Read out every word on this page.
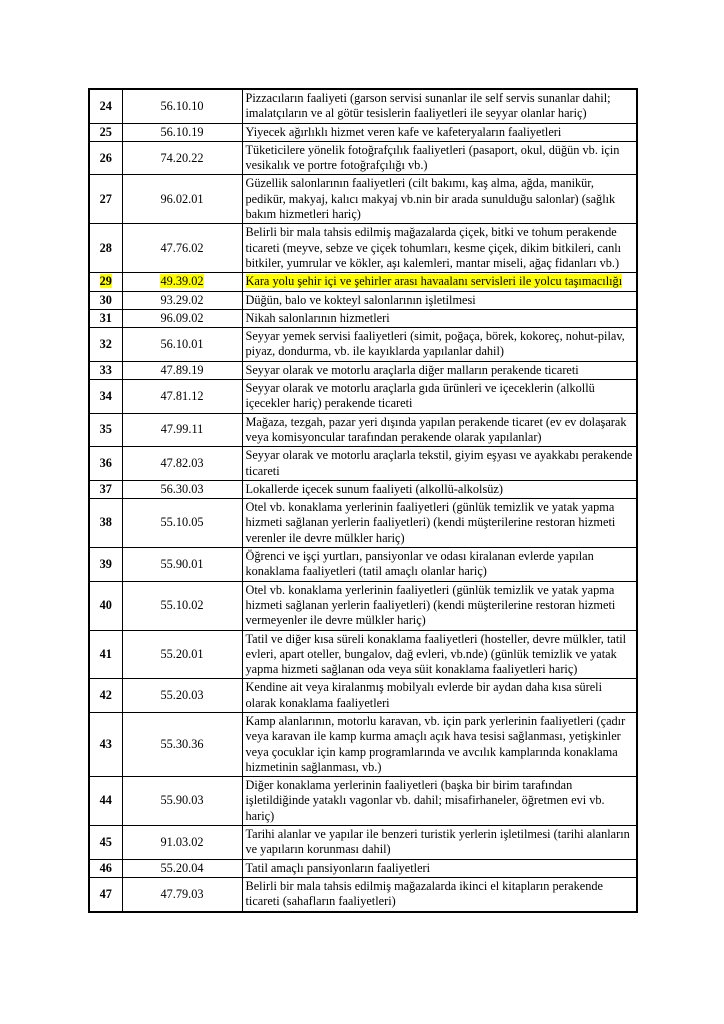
24	56.10.10	Pizzacıların faaliyeti (garson servisi sunanlar ile self servis sunanlar dahil; imalatçıların ve al götür tesislerin faaliyetleri ile seyyar olanlar hariç)
25	56.10.19	Yiyecek ağırlıklı hizmet veren kafe ve kafeteryaların faaliyetleri
26	74.20.22	Tüketicilere yönelik fotoğrafçılık faaliyetleri (pasaport, okul, düğün vb. için vesikalık ve portre fotoğrafçılığı vb.)
27	96.02.01	Güzellik salonlarının faaliyetleri (cilt bakımı, kaş alma, ağda, manikür, pedikür, makyaj, kalıcı makyaj vb.nin bir arada sunulduğu salonlar) (sağlık bakım hizmetleri hariç)
28	47.76.02	Belirli bir mala tahsis edilmiş mağazalarda çiçek, bitki ve tohum perakende ticareti (meyve, sebze ve çiçek tohumları, kesme çiçek, dikim bitkileri, canlı bitkiler, yumrular ve kökler, aşı kalemleri, mantar miseli, ağaç fidanları vb.)
29	49.39.02	Kara yolu şehir içi ve şehirler arası havaalanı servisleri ile yolcu taşımacılığı
30	93.29.02	Düğün, balo ve kokteyl salonlarının işletilmesi
31	96.09.02	Nikah salonlarının hizmetleri
32	56.10.01	Seyyar yemek servisi faaliyetleri (simit, poğaça, börek, kokoreç, nohut-pilav, piyaz, dondurma, vb. ile kayıklarda yapılanlar dahil)
33	47.89.19	Seyyar olarak ve motorlu araçlarla diğer malların perakende ticareti
34	47.81.12	Seyyar olarak ve motorlu araçlarla gıda ürünleri ve içeceklerin (alkollü içecekler hariç) perakende ticareti
35	47.99.11	Mağaza, tezgah, pazar yeri dışında yapılan perakende ticaret (ev ev dolaşarak veya komisyoncular tarafından perakende olarak yapılanlar)
36	47.82.03	Seyyar olarak ve motorlu araçlarla tekstil, giyim eşyası ve ayakkabı perakende ticareti
37	56.30.03	Lokallerde içecek sunum faaliyeti (alkollü-alkolsüz)
38	55.10.05	Otel vb. konaklama yerlerinin faaliyetleri (günlük temizlik ve yatak yapma hizmeti sağlanan yerlerin faaliyetleri) (kendi müşterilerine restoran hizmeti verenler ile devre mülkler hariç)
39	55.90.01	Öğrenci ve işçi yurtları, pansiyonlar ve odası kiralanan evlerde yapılan konaklama faaliyetleri (tatil amaçlı olanlar hariç)
40	55.10.02	Otel vb. konaklama yerlerinin faaliyetleri (günlük temizlik ve yatak yapma hizmeti sağlanan yerlerin faaliyetleri) (kendi müşterilerine restoran hizmeti vermeyenler ile devre mülkler hariç)
41	55.20.01	Tatil ve diğer kısa süreli konaklama faaliyetleri (hosteller, devre mülkler, tatil evleri, apart oteller, bungalov, dağ evleri, vb.nde) (günlük temizlik ve yatak yapma hizmeti sağlanan oda veya süit konaklama faaliyetleri hariç)
42	55.20.03	Kendine ait veya kiralanmış mobilyalı evlerde bir aydan daha kısa süreli olarak konaklama faaliyetleri
43	55.30.36	Kamp alanlarının, motorlu karavan, vb. için park yerlerinin faaliyetleri (çadır veya karavan ile kamp kurma amaçlı açık hava tesisi sağlanması, yetişkinler veya çocuklar için kamp programlarında ve avcılık kamplarında konaklama hizmetinin sağlanması, vb.)
44	55.90.03	Diğer konaklama yerlerinin faaliyetleri (başka bir birim tarafından işletildiğinde yataklı vagonlar vb. dahil; misafirhaneler, öğretmen evi vb. hariç)
45	91.03.02	Tarihi alanlar ve yapılar ile benzeri turistik yerlerin işletilmesi (tarihi alanların ve yapıların korunması dahil)
46	55.20.04	Tatil amaçlı pansiyonların faaliyetleri
47	47.79.03	Belirli bir mala tahsis edilmiş mağazalarda ikinci el kitapların perakende ticareti (sahafların faaliyetleri)
